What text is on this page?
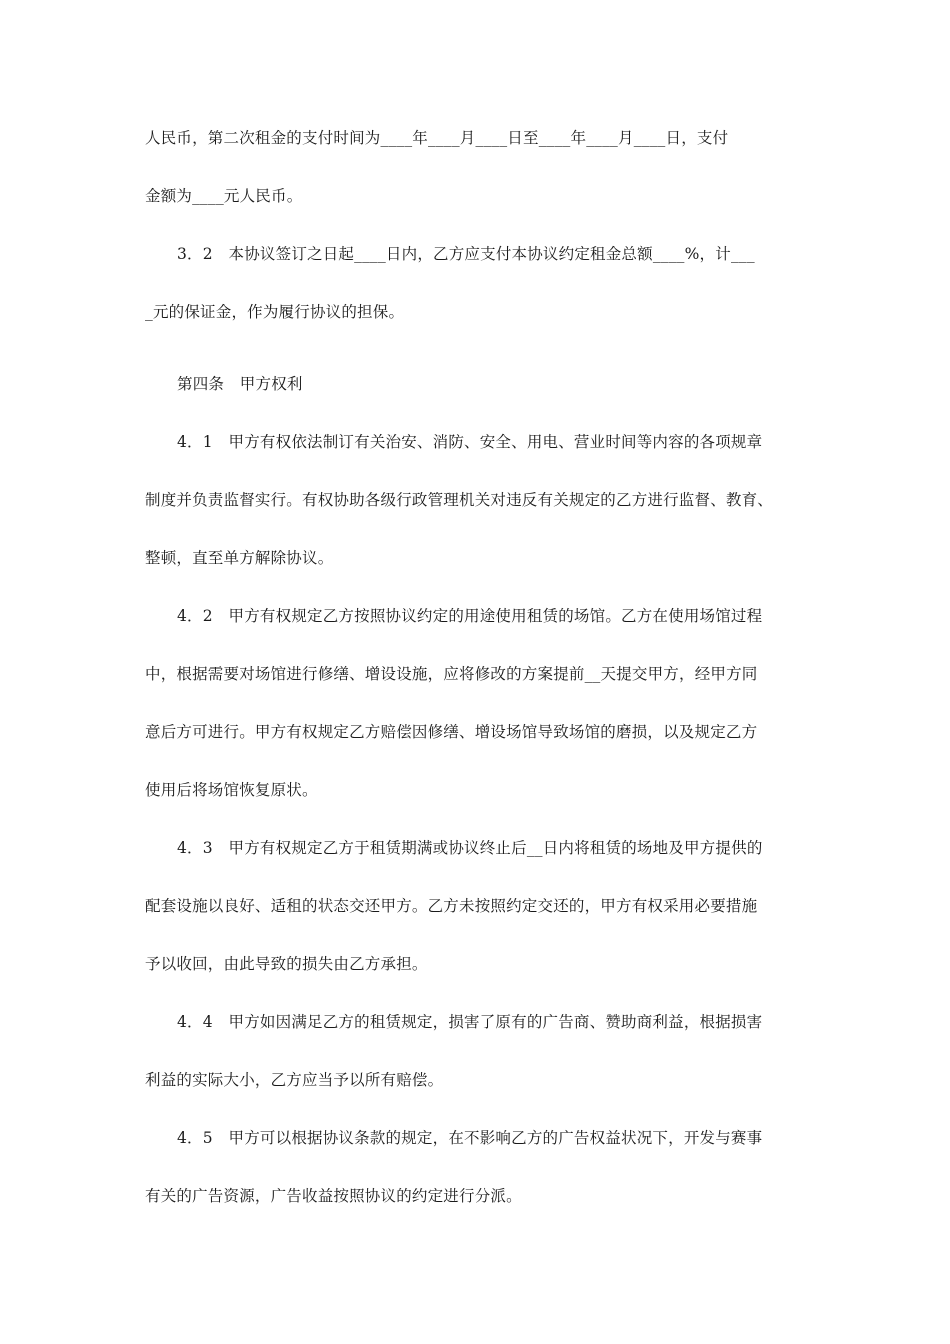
人民币，第二次租金的支付时间为____年____月____日至____年____月____日，支付
金额为____元人民币。
3．2　本协议签订之日起____日内，乙方应支付本协议约定租金总额____%，计___
_元的保证金，作为履行协议的担保。
第四条　甲方权利
4．1　甲方有权依法制订有关治安、消防、安全、用电、营业时间等内容的各项规章
制度并负责监督实行。有权协助各级行政管理机关对违反有关规定的乙方进行监督、教育、
整顿，直至单方解除协议。
4．2　甲方有权规定乙方按照协议约定的用途使用租赁的场馆。乙方在使用场馆过程
中，根据需要对场馆进行修缮、增设设施，应将修改的方案提前__天提交甲方，经甲方同
意后方可进行。甲方有权规定乙方赔偿因修缮、增设场馆导致场馆的磨损，以及规定乙方
使用后将场馆恢复原状。
4．3　甲方有权规定乙方于租赁期满或协议终止后__日内将租赁的场地及甲方提供的
配套设施以良好、适租的状态交还甲方。乙方未按照约定交还的，甲方有权采用必要措施
予以收回，由此导致的损失由乙方承担。
4．4　甲方如因满足乙方的租赁规定，损害了原有的广告商、赞助商利益，根据损害
利益的实际大小，乙方应当予以所有赔偿。
4．5　甲方可以根据协议条款的规定，在不影响乙方的广告权益状况下，开发与赛事
有关的广告资源，广告收益按照协议的约定进行分派。
